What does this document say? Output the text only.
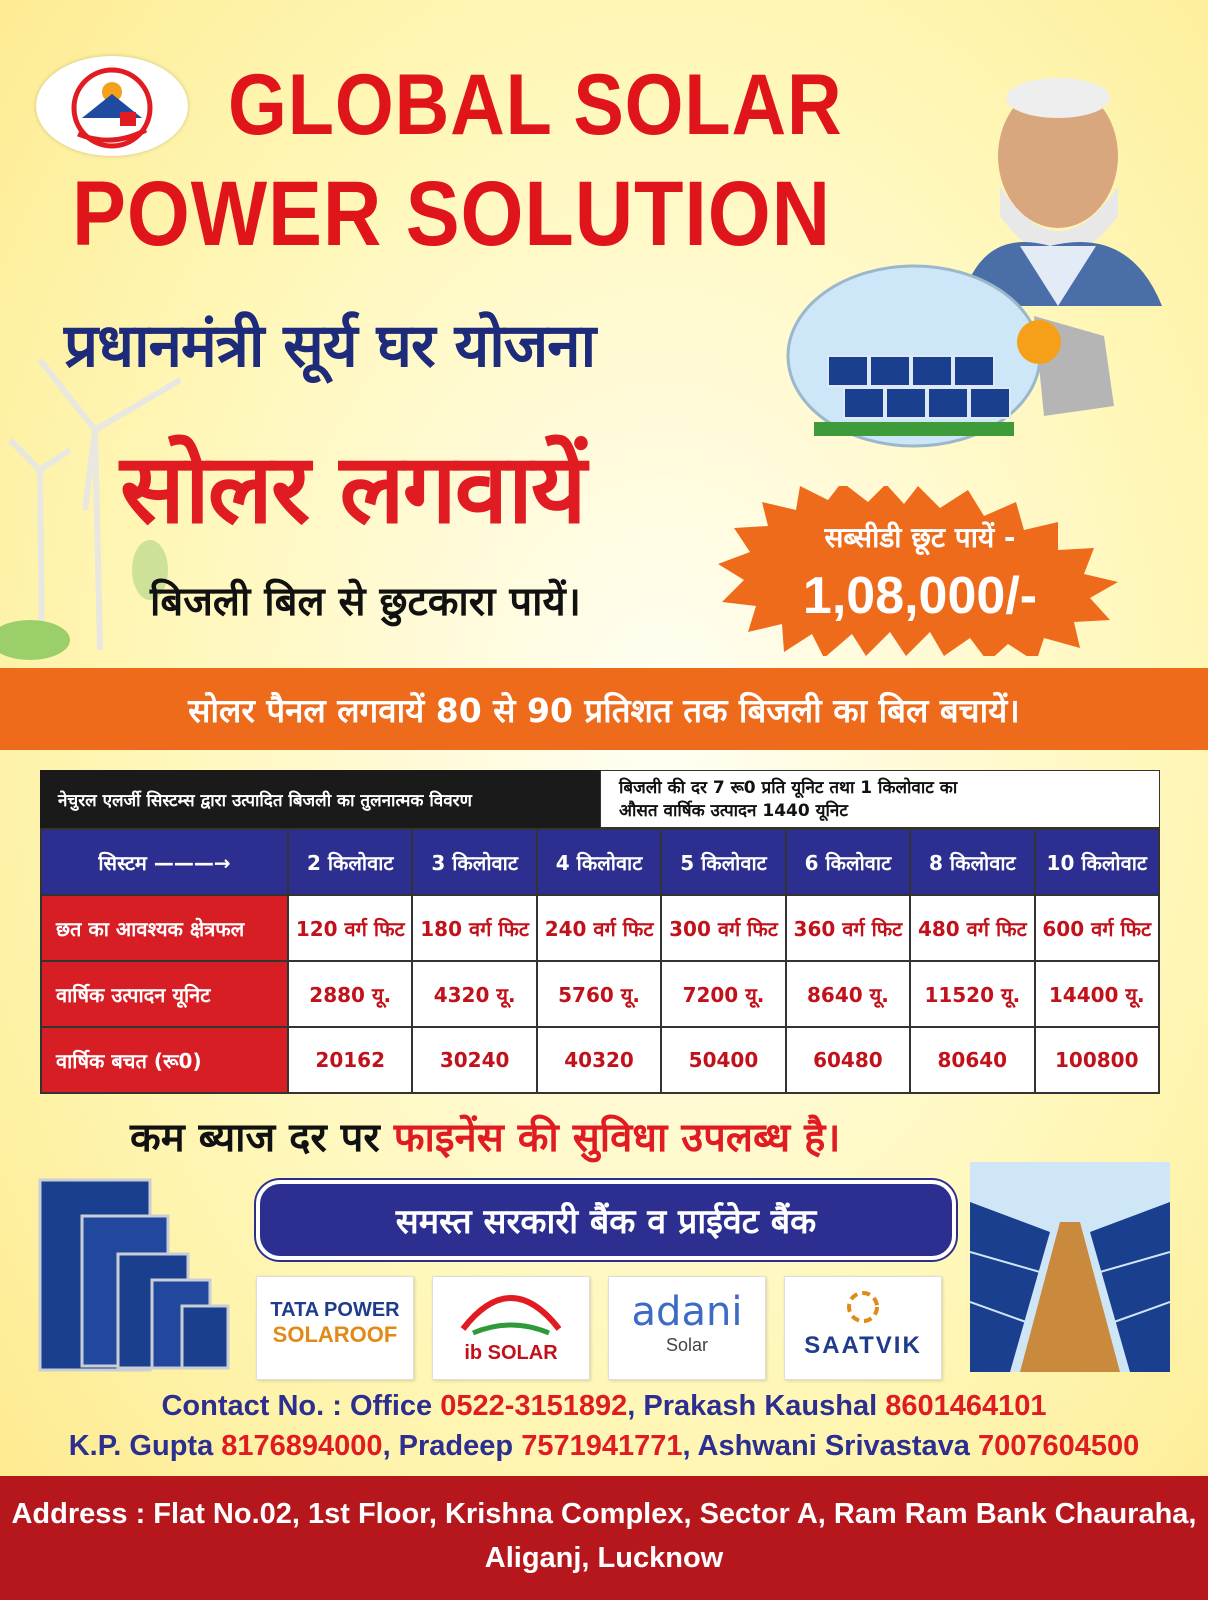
GLOBAL SOLAR
POWER SOLUTION
प्रधानमंत्री सूर्य घर योजना
सोलर लगवायें
बिजली बिल से छुटकारा पायें।
सब्सीडी छूट पायें -
1,08,000/-
सोलर पैनल लगवायें 80 से 90 प्रतिशत तक बिजली का बिल बचायें।
नेचुरल एलर्जी सिस्टम्स द्वारा उत्पादित बिजली का तुलनात्मक विवरण
बिजली की दर 7 रू0 प्रति यूनिट तथा 1 किलोवाट का
औसत वार्षिक उत्पादन 1440 यूनिट
सिस्टम ———→	2 किलोवाट	3 किलोवाट	4 किलोवाट	5 किलोवाट	6 किलोवाट	8 किलोवाट	10 किलोवाट
छत का आवश्यक क्षेत्रफल	120 वर्ग फिट	180 वर्ग फिट	240 वर्ग फिट	300 वर्ग फिट	360 वर्ग फिट	480 वर्ग फिट	600 वर्ग फिट
वार्षिक उत्पादन यूनिट	2880 यू.	4320 यू.	5760 यू.	7200 यू.	8640 यू.	11520 यू.	14400 यू.
वार्षिक बचत (रू0)	20162	30240	40320	50400	60480	80640	100800
कम ब्याज दर पर फाइनेंस की सुविधा उपलब्ध है।
समस्त सरकारी बैंक व प्राईवेट बैंक
TATA POWER
SOLAROOF
ib SOLAR
adani
Solar	SAATVIK
Contact No. : Office 0522-3151892, Prakash Kaushal 8601464101
K.P. Gupta 8176894000, Pradeep 7571941771, Ashwani Srivastava 7007604500
Address : Flat No.02, 1st Floor, Krishna Complex, Sector A, Ram Ram Bank Chauraha,
Aliganj, Lucknow
